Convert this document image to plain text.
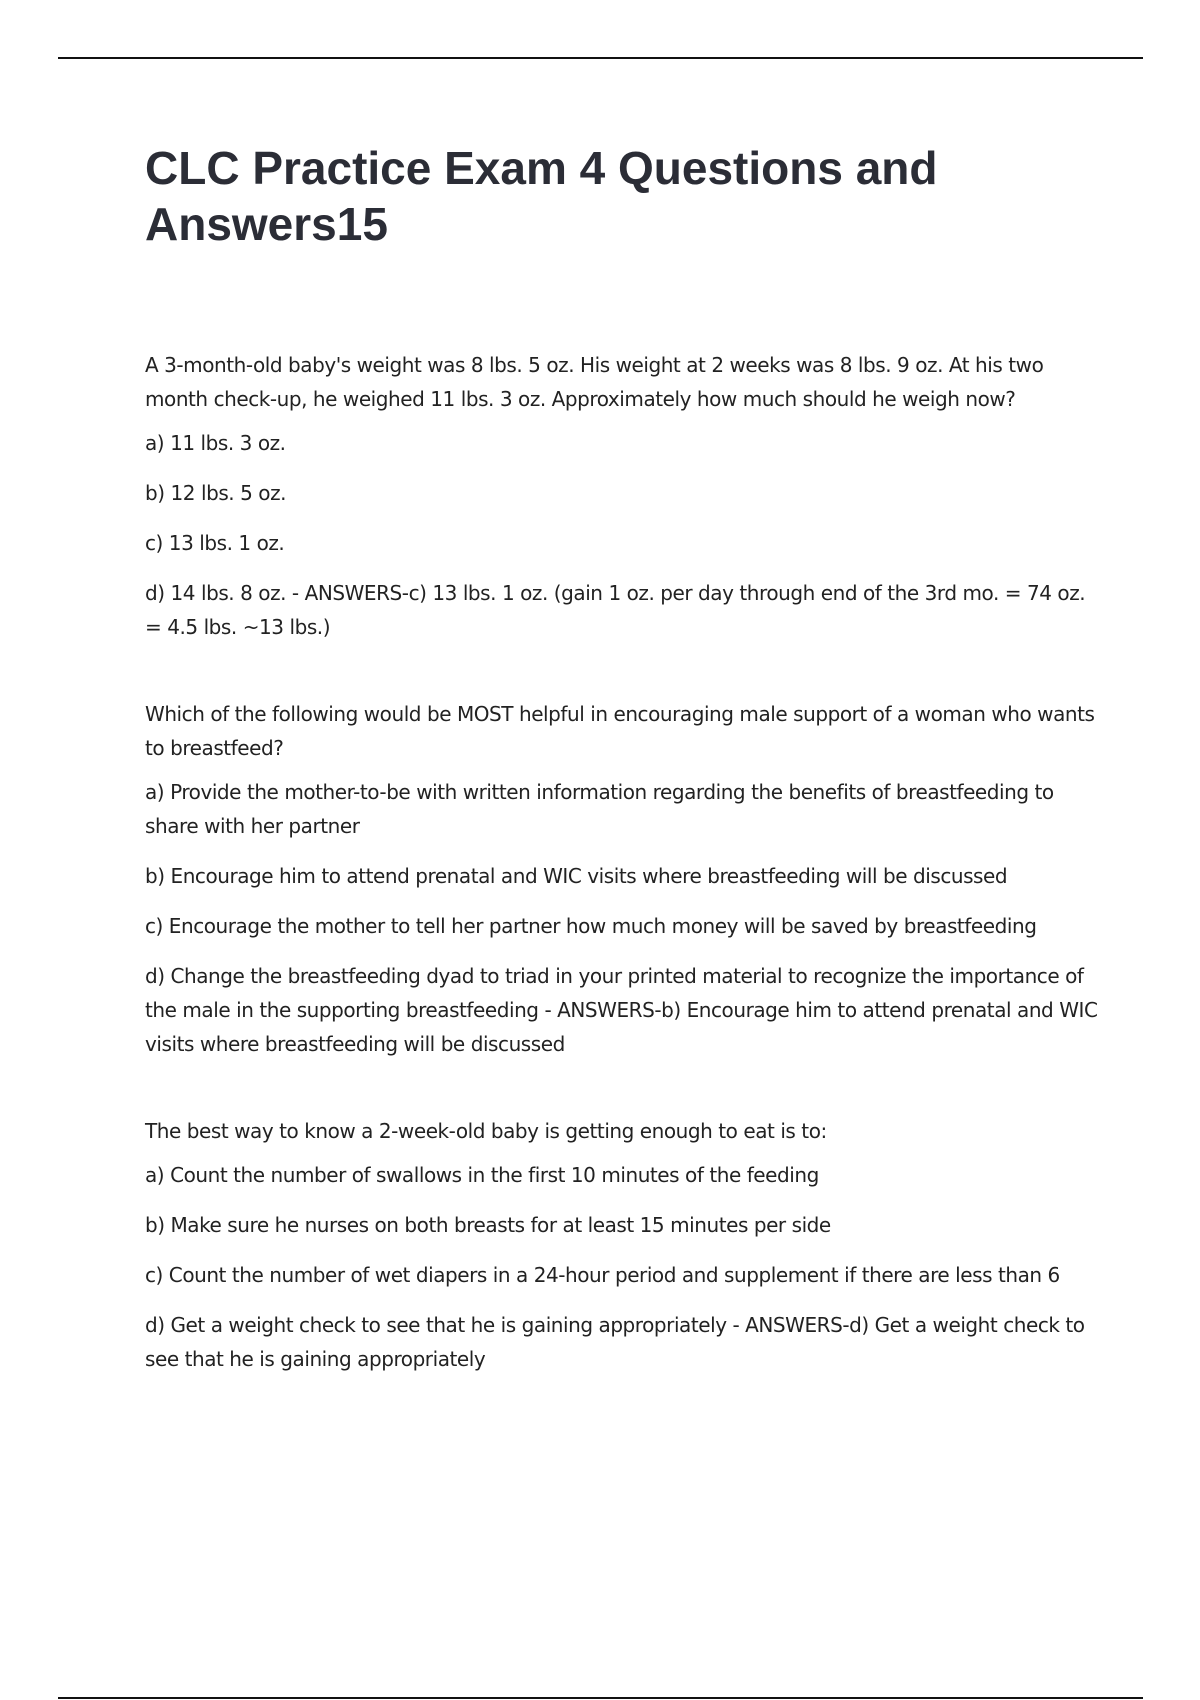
CLC Practice Exam 4 Questions and Answers15

A 3-month-old baby's weight was 8 lbs. 5 oz. His weight at 2 weeks was 8 lbs. 9 oz. At his two month check-up, he weighed 11 lbs. 3 oz. Approximately how much should he weigh now?

a) 11 lbs. 3 oz.

b) 12 lbs. 5 oz.

c) 13 lbs. 1 oz.

d) 14 lbs. 8 oz. - ANSWERS-c) 13 lbs. 1 oz. (gain 1 oz. per day through end of the 3rd mo. = 74 oz. = 4.5 lbs. ~13 lbs.)

Which of the following would be MOST helpful in encouraging male support of a woman who wants to breastfeed?

a) Provide the mother-to-be with written information regarding the benefits of breastfeeding to share with her partner

b) Encourage him to attend prenatal and WIC visits where breastfeeding will be discussed

c) Encourage the mother to tell her partner how much money will be saved by breastfeeding

d) Change the breastfeeding dyad to triad in your printed material to recognize the importance of the male in the supporting breastfeeding - ANSWERS-b) Encourage him to attend prenatal and WIC visits where breastfeeding will be discussed

The best way to know a 2-week-old baby is getting enough to eat is to:

a) Count the number of swallows in the first 10 minutes of the feeding

b) Make sure he nurses on both breasts for at least 15 minutes per side

c) Count the number of wet diapers in a 24-hour period and supplement if there are less than 6

d) Get a weight check to see that he is gaining appropriately - ANSWERS-d) Get a weight check to see that he is gaining appropriately
